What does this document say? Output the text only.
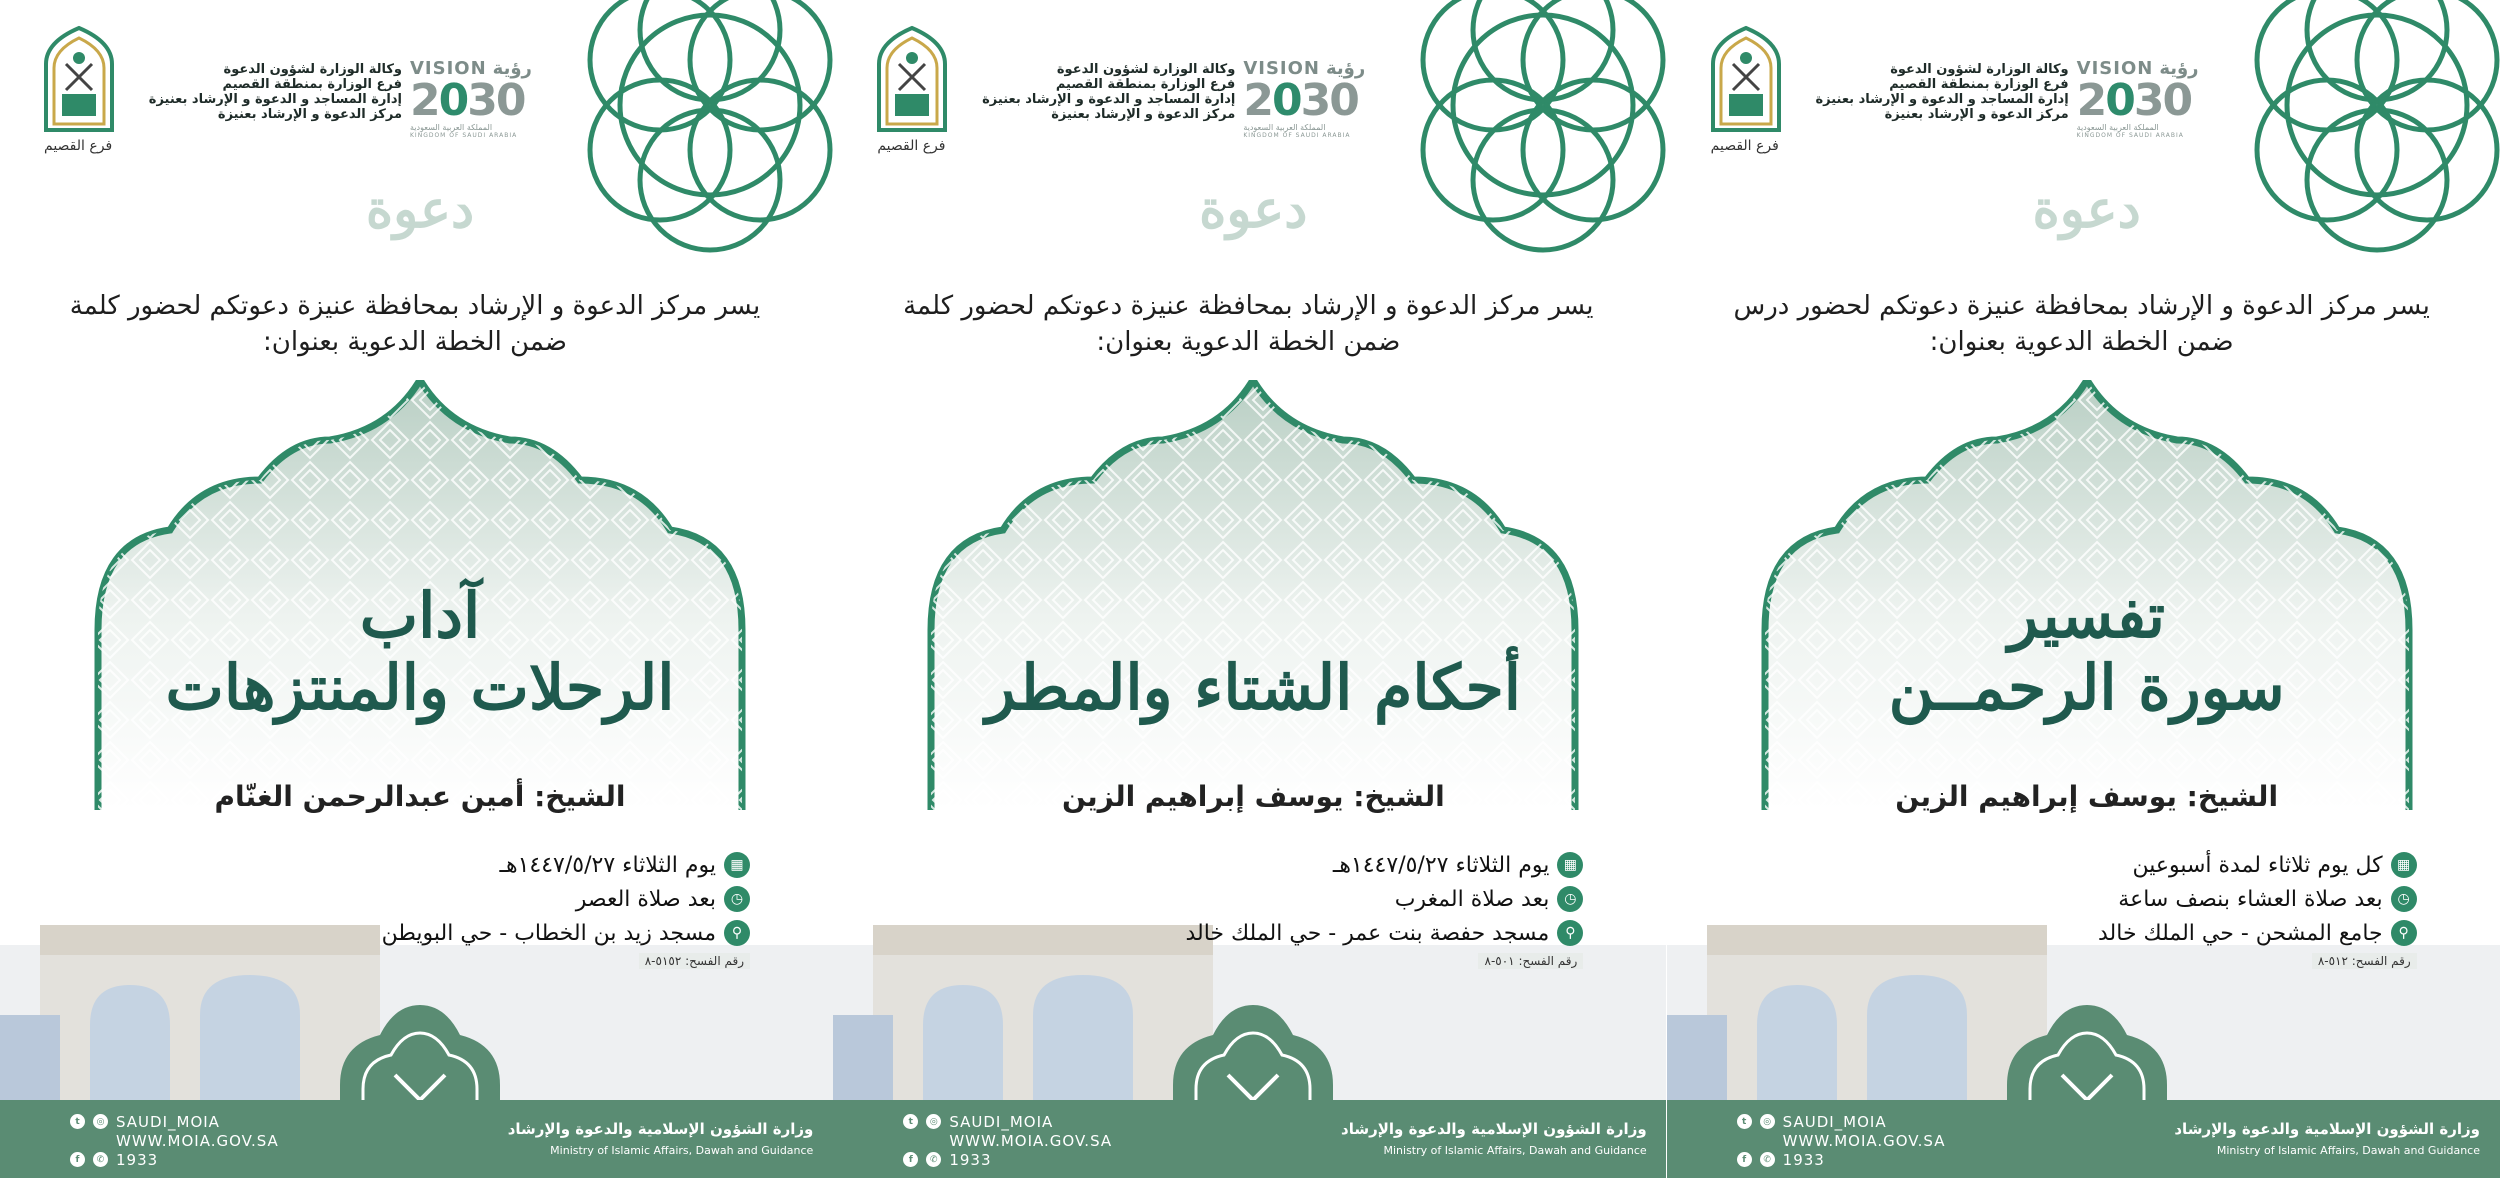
فرع القصيم
وكالة الوزارة لشؤون الدعوة
فرع الوزارة بمنطقة القصيم
إدارة المساجد و الدعوة و الإرشاد بعنيزة
مركز الدعوة و الإرشاد بعنيزة
VISION رؤية
2030
المملكة العربية السعودية
KINGDOM OF SAUDI ARABIA
دعوة
يسر مركز الدعوة و الإرشاد بمحافظة عنيزة دعوتكم لحضور كلمة
ضمن الخطة الدعوية بعنوان:
آداب
الرحلات والمنتزهات
الشيخ: أمين عبدالرحمن الغنّام
▦
يوم الثلاثاء ١٤٤٧/٥/٢٧هـ
◷
بعد صلاة العصر
⚲
مسجد زيد بن الخطاب - حي البويطن
رقم الفسح: ٥١٥٢-٨
t	◎ SAUDI_MOIA
WWW.MOIA.GOV.SA
f	✆ 1933
وزارة الشؤون الإسلامية والدعوة والإرشاد
Ministry of Islamic Affairs, Dawah and Guidance
فرع القصيم
وكالة الوزارة لشؤون الدعوة
فرع الوزارة بمنطقة القصيم
إدارة المساجد و الدعوة و الإرشاد بعنيزة
مركز الدعوة و الإرشاد بعنيزة
VISION رؤية
2030
المملكة العربية السعودية
KINGDOM OF SAUDI ARABIA
دعوة
يسر مركز الدعوة و الإرشاد بمحافظة عنيزة دعوتكم لحضور كلمة
ضمن الخطة الدعوية بعنوان:
أحكام الشتاء والمطر
الشيخ: يوسف إبراهيم الزين
▦
يوم الثلاثاء ١٤٤٧/٥/٢٧هـ
◷
بعد صلاة المغرب
⚲
مسجد حفصة بنت عمر - حي الملك خالد
رقم الفسح: ٥٠١-٨
t	◎ SAUDI_MOIA
WWW.MOIA.GOV.SA
f	✆ 1933
وزارة الشؤون الإسلامية والدعوة والإرشاد
Ministry of Islamic Affairs, Dawah and Guidance
فرع القصيم
وكالة الوزارة لشؤون الدعوة
فرع الوزارة بمنطقة القصيم
إدارة المساجد و الدعوة و الإرشاد بعنيزة
مركز الدعوة و الإرشاد بعنيزة
VISION رؤية
2030
المملكة العربية السعودية
KINGDOM OF SAUDI ARABIA
دعوة
يسر مركز الدعوة و الإرشاد بمحافظة عنيزة دعوتكم لحضور درس
ضمن الخطة الدعوية بعنوان:
تفسير
سورة الرحمــن
الشيخ: يوسف إبراهيم الزين
▦
كل يوم ثلاثاء لمدة أسبوعين
◷
بعد صلاة العشاء بنصف ساعة
⚲
جامع المشحن - حي الملك خالد
رقم الفسح: ٥١٢-٨
t	◎ SAUDI_MOIA
WWW.MOIA.GOV.SA
f	✆ 1933
وزارة الشؤون الإسلامية والدعوة والإرشاد
Ministry of Islamic Affairs, Dawah and Guidance
